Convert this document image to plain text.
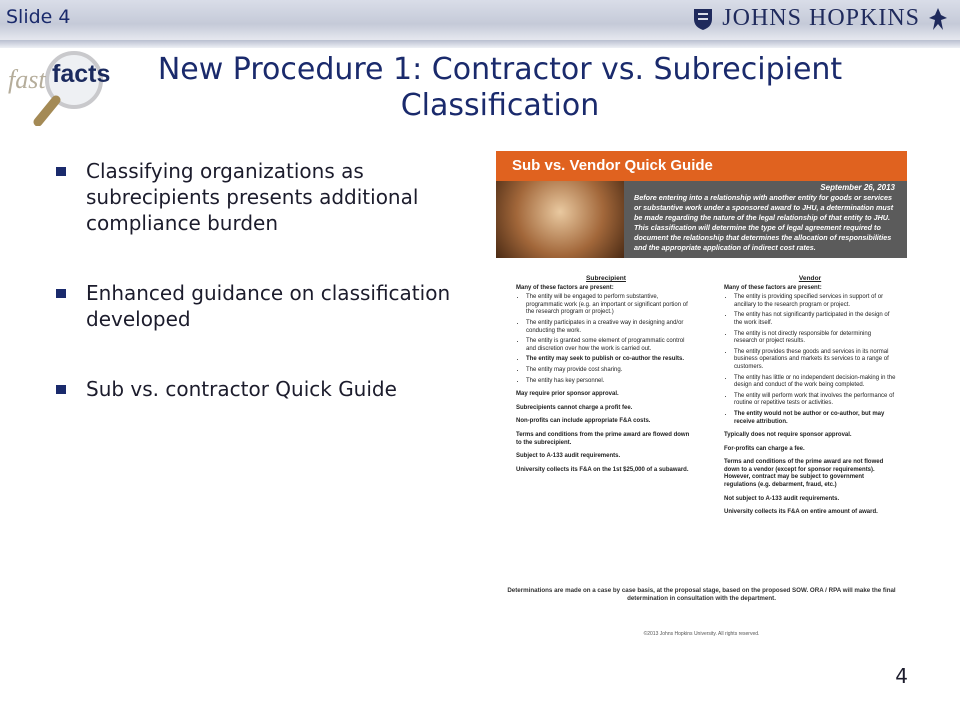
Slide 4	JOHNS HOPKINS
fast facts New Procedure 1: Contractor vs. Subrecipient Classification
Classifying organizations as subrecipients presents additional compliance burden
Enhanced guidance on classification developed
Sub vs. contractor Quick Guide
Sub vs. Vendor Quick Guide
September 26, 2013
Before entering into a relationship with another entity for goods or services or substantive work under a sponsored award to JHU, a determination must be made regarding the nature of the legal relationship of that entity to JHU. This classification will determine the type of legal agreement required to document the relationship that determines the allocation of responsibilities and the appropriate application of indirect cost rates.
Subrecipient
Many of these factors are present:
• The entity will be engaged to perform substantive, programmatic work (e.g. an important or significant portion of the research program or project.)
• The entity participates in a creative way in designing and/or conducting the work.
• The entity is granted some element of programmatic control and discretion over how the work is carried out.
• The entity may seek to publish or co-author the results.
• The entity may provide cost sharing.
• The entity has key personnel.
May require prior sponsor approval.
Subrecipients cannot charge a profit fee.
Non-profits can include appropriate F&A costs.
Terms and conditions from the prime award are flowed down to the subrecipient.
Subject to A-133 audit requirements.
University collects its F&A on the 1st $25,000 of a subaward.
Vendor
Many of these factors are present:
• The entity is providing specified services in support of or ancillary to the research program or project.
• The entity has not significantly participated in the design of the work itself.
• The entity is not directly responsible for determining research or project results.
• The entity provides these goods and services in its normal business operations and markets its services to a range of customers.
• The entity has little or no independent decision-making in the design and conduct of the work being completed.
• The entity will perform work that involves the performance of routine or repetitive tests or activities.
• The entity would not be author or co-author, but may receive attribution.
Typically does not require sponsor approval.
For-profits can charge a fee.
Terms and conditions of the prime award are not flowed down to a vendor (except for sponsor requirements). However, contract may be subject to government regulations (e.g. debarment, fraud, etc.)
Not subject to A-133 audit requirements.
University collects its F&A on entire amount of award.
Determinations are made on a case by case basis, at the proposal stage, based on the proposed SOW. ORA / RPA will make the final determination in consultation with the department.
©2013 Johns Hopkins University. All rights reserved.
4
